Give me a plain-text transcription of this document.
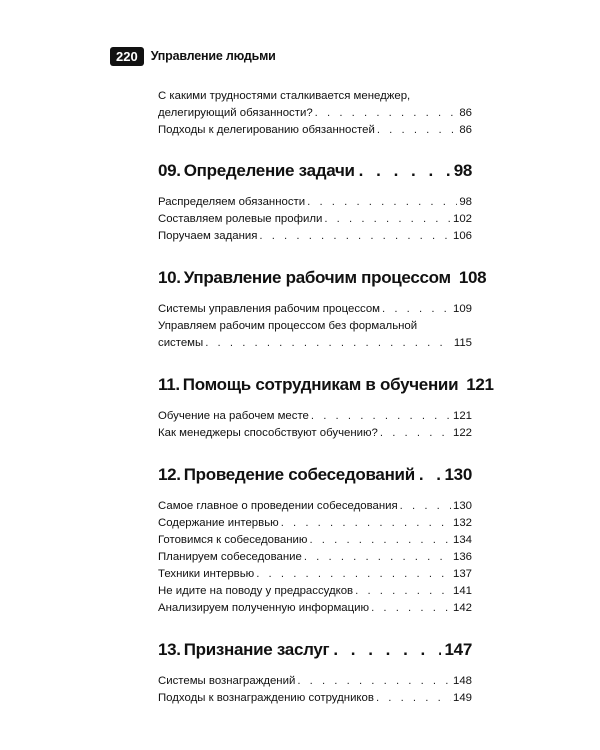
220	Управление людьми
С какими трудностями сталкивается менеджер,
делегирующий обязанности? . . .	86
Подходы к делегированию обязанностей . . .	86
09. Определение задачи . . .	98
Распределяем обязанности . . .	98
Составляем ролевые профили . . .	102
Поручаем задания . . .	106
10. Управление рабочим процессом 108
Системы управления рабочим процессом . . .	109
Управляем рабочим процессом без формальной
системы . . .	115
11. Помощь сотрудникам в обучении 121
Обучение на рабочем месте . . .	121
Как менеджеры способствуют обучению? . . .	122
12. Проведение собеседований . . . 130
Самое главное о проведении собеседования . . .	130
Содержание интервью . . .	132
Готовимся к собеседованию . . .	134
Планируем собеседование . . .	136
Техники интервью . . .	137
Не идите на поводу у предрассудков . . .	141
Анализируем полученную информацию . . .	142
13. Признание заслуг . . .	147
Системы вознаграждений . . .	148
Подходы к вознаграждению сотрудников . . .	149
